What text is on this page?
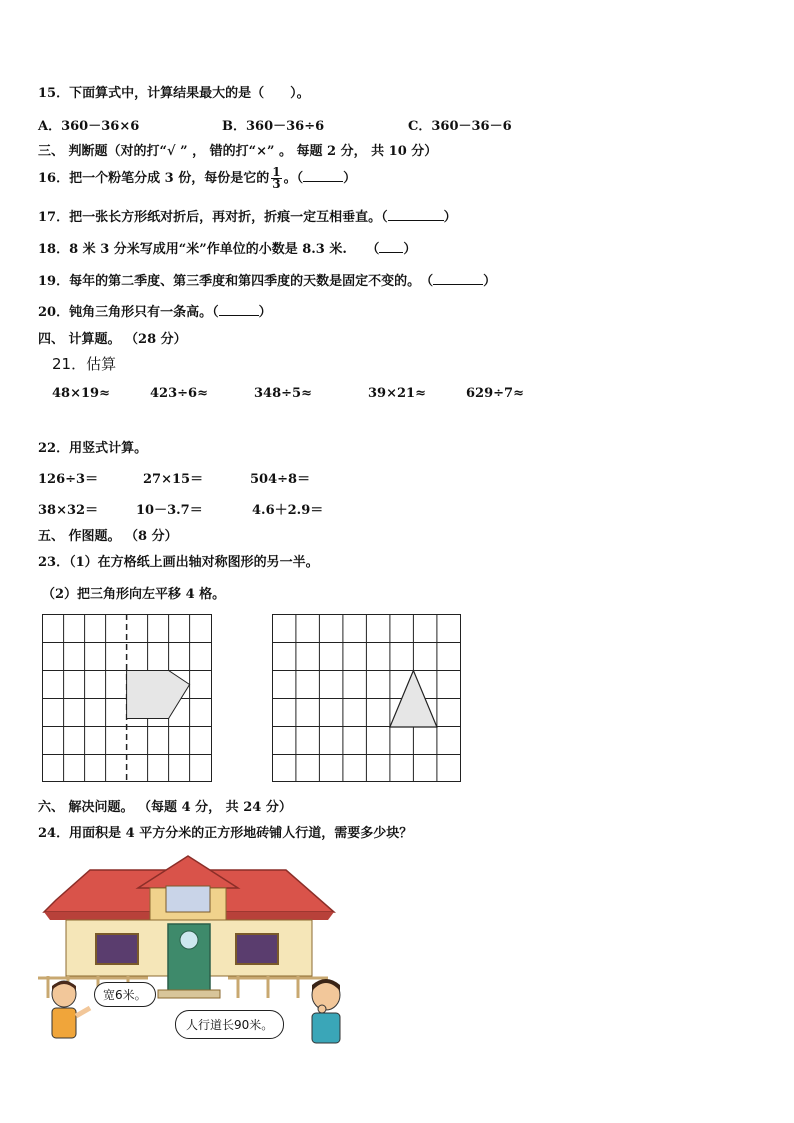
15．下面算式中，计算结果最大的是（　　）。
A．360－36×6	B．360－36÷6	C．360－36－6
三、 判断题（对的打“√ ” ， 错的打“×” 。 每题 2 分， 共 10 分）
16．把一个粉笔分成 3 份，每份是它的 $\frac{1}{3}$ 。（	）
17．把一张长方形纸对折后，再对折，折痕一定互相垂直。（	）
18．8 米 3 分米写成用“米”作单位的小数是 8.3 米.　　（ ）
19．每年的第二季度、第三季度和第四季度的天数是固定不变的。　（	）
20．钝角三角形只有一条高。（	）
四、 计算题。 （28 分）
21．估算
48×19≈	423÷6≈	348÷5≈	39×21≈	629÷7≈
22．用竖式计算。
126÷3＝	27×15＝	504÷8＝
38×32＝	10－3.7＝	4.6＋2.9＝
五、 作图题。 （8 分）
23．（1）在方格纸上画出轴对称图形的另一半。
（2）把三角形向左平移 4 格。
六、 解决问题。 （每题 4 分， 共 24 分）
24．用面积是 4 平方分米的正方形地砖铺人行道，需要多少块？
宽6米。
人行道长90米。
